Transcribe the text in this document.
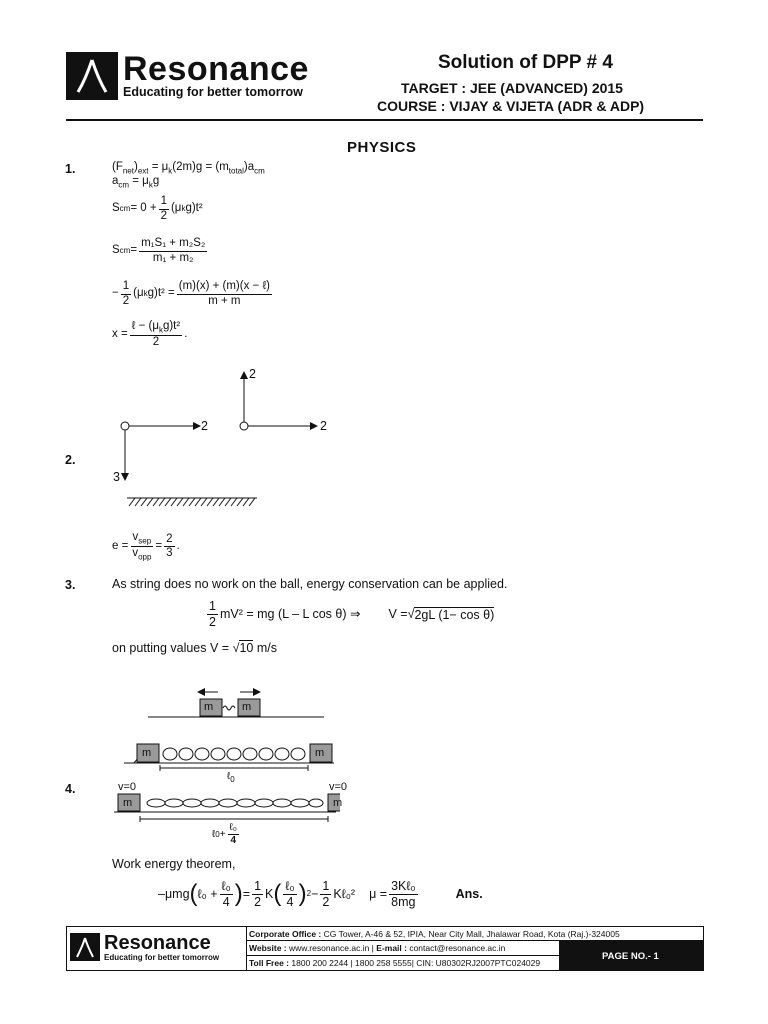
Resonance
Educating for better tomorrow
Solution of DPP # 4
TARGET : JEE (ADVANCED) 2015
COURSE : VIJAY & VIJETA (ADR & ADP)
PHYSICS
1.	$(F_{net})_{ext} = \mu_k(2m)g = (m_{total})a_{cm}$
$a_{cm} = \mu_kg$
S cm = $0 + \frac{1}{2} (\mu$ k g)t²
S cm = $\frac{\text{m₁S₁ + m₂S₂}}{\text{m₁ + m₂}}$
− $\frac{1}{2} (\mu$ k $g)t^2 = \frac{\text{(m)(x) + (m)(x − ℓ)}}{m + m}$
$x = \frac{\ell - (\mu_kg)t^2}{2}$ .
2.
2
3
2
2
$e = \frac{v_{sep}}{v_{opp}} = \frac{2}{3}$ .
3.	As string does no work on the ball, energy conservation can be applied.
$\frac{1}{2} mV^2$ = mg (L – L cos θ) ⇒ V = √ 2gL (1− cos θ)
on putting values V = √10 m/s
4.
m	m
m	m
ℓ$_0$
v=0	v=0
m	m
ℓ $0 + \frac{\text{ℓ₀}}{4}$
Work energy theorem,
–μmg ( ℓ₀ + $\frac{\text{ℓ₀}}{4}$ ) = $\frac{1}{2}$ K ( $\frac{\text{ℓ₀}}{4}$ ) $2 - \frac{1}{2}$ Kℓ₀² $\mu = \frac{\text{3Kℓ₀}}{8mg}$	Ans.
Resonance
Educating for better tomorrow
Corporate Office : CG Tower, A-46 & 52, IPIA, Near City Mall, Jhalawar Road, Kota (Raj.)-324005
Website : www.resonance.ac.in | E-mail : contact@resonance.ac.in
Toll Free : 1800 200 2244 | 1800 258 5555| CIN: U80302RJ2007PTC024029
PAGE NO.- 1
